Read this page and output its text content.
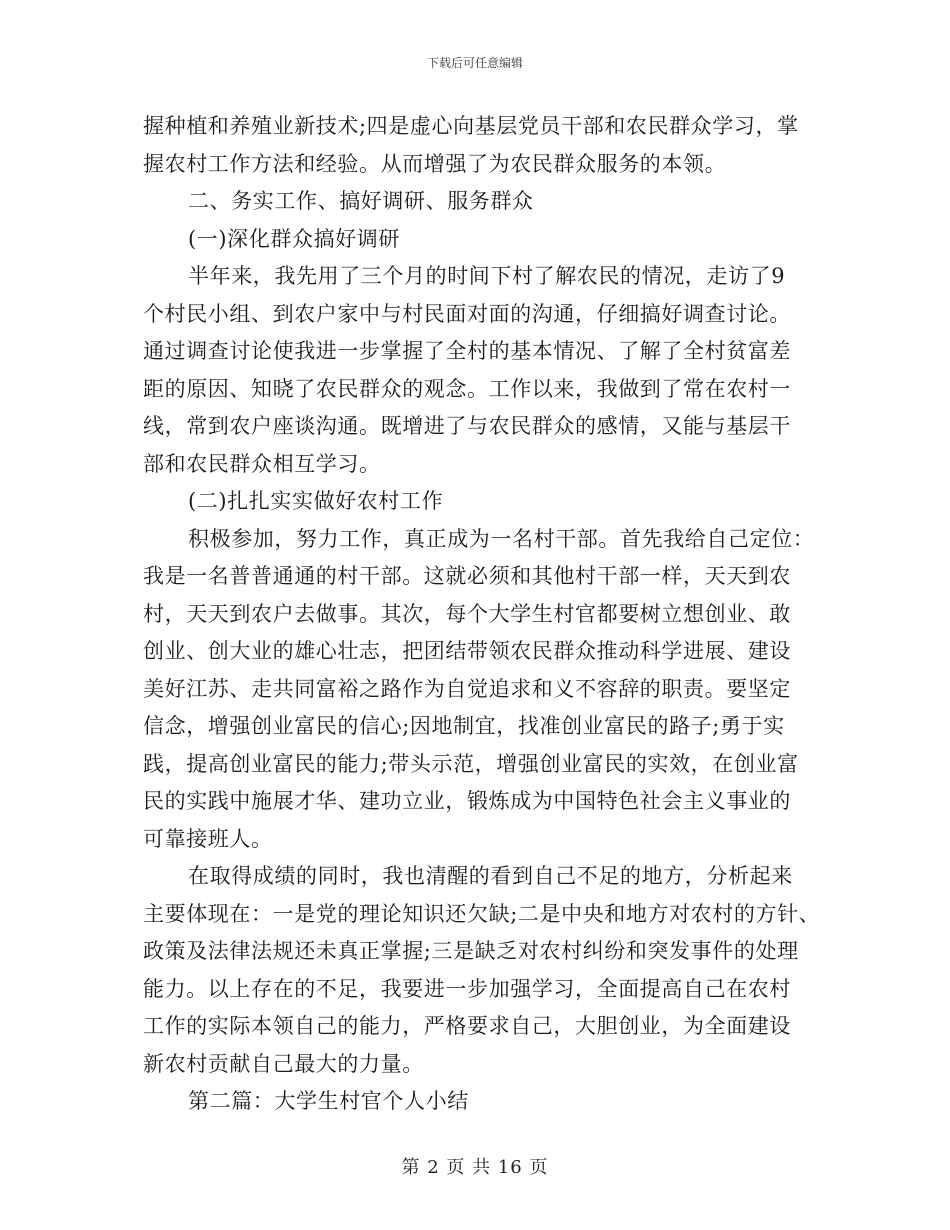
下载后可任意编辑
握种植和养殖业新技术;四是虚心向基层党员干部和农民群众学习，掌
握农村工作方法和经验。从而增强了为农民群众服务的本领。
二、务实工作、搞好调研、服务群众
(一)深化群众搞好调研
半年来，我先用了三个月的时间下村了解农民的情况，走访了9
个村民小组、到农户家中与村民面对面的沟通，仔细搞好调查讨论。
通过调查讨论使我进一步掌握了全村的基本情况、了解了全村贫富差
距的原因、知晓了农民群众的观念。工作以来，我做到了常在农村一
线，常到农户座谈沟通。既增进了与农民群众的感情，又能与基层干
部和农民群众相互学习。
(二)扎扎实实做好农村工作
积极参加，努力工作，真正成为一名村干部。首先我给自己定位：
我是一名普普通通的村干部。这就必须和其他村干部一样，天天到农
村，天天到农户去做事。其次，每个大学生村官都要树立想创业、敢
创业、创大业的雄心壮志，把团结带领农民群众推动科学进展、建设
美好江苏、走共同富裕之路作为自觉追求和义不容辞的职责。要坚定
信念，增强创业富民的信心;因地制宜，找准创业富民的路子;勇于实
践，提高创业富民的能力;带头示范，增强创业富民的实效，在创业富
民的实践中施展才华、建功立业，锻炼成为中国特色社会主义事业的
可靠接班人。
在取得成绩的同时，我也清醒的看到自己不足的地方，分析起来
主要体现在：一是党的理论知识还欠缺;二是中央和地方对农村的方针、
政策及法律法规还未真正掌握;三是缺乏对农村纠纷和突发事件的处理
能力。以上存在的不足，我要进一步加强学习，全面提高自己在农村
工作的实际本领自己的能力，严格要求自己，大胆创业，为全面建设
新农村贡献自己最大的力量。
第二篇：大学生村官个人小结
第 2 页 共 16 页
